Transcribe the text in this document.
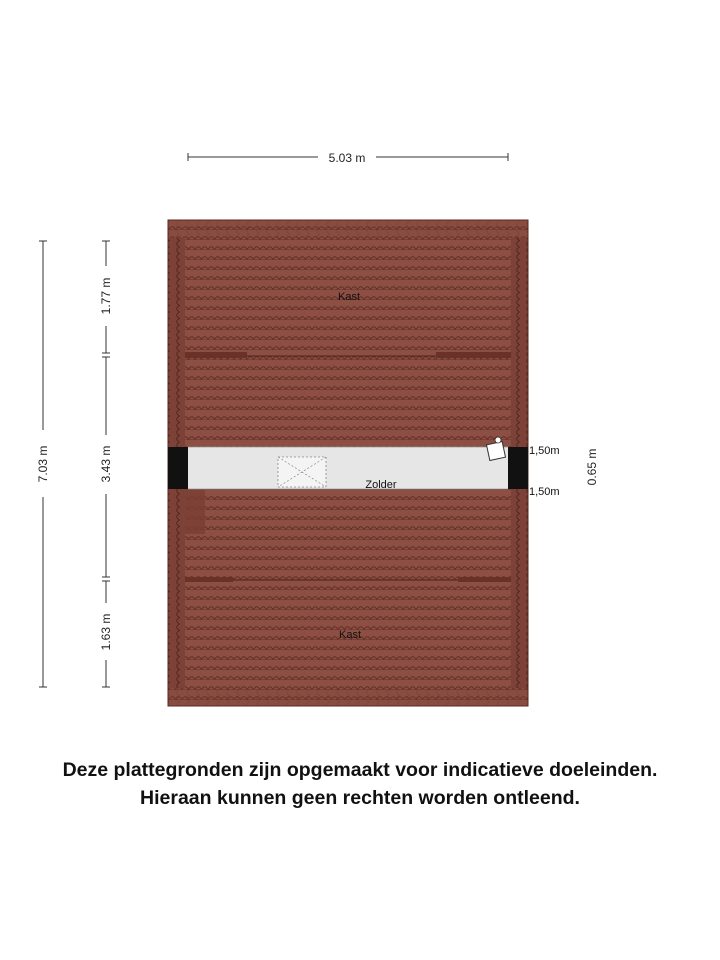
5.03 m
7.03 m
1.77 m
3.43 m
1.63 m
Kast
Zolder
Kast
1,50m
1,50m
0.65 m
Deze plattegronden zijn opgemaakt voor indicatieve doeleinden.
Hieraan kunnen geen rechten worden ontleend.
